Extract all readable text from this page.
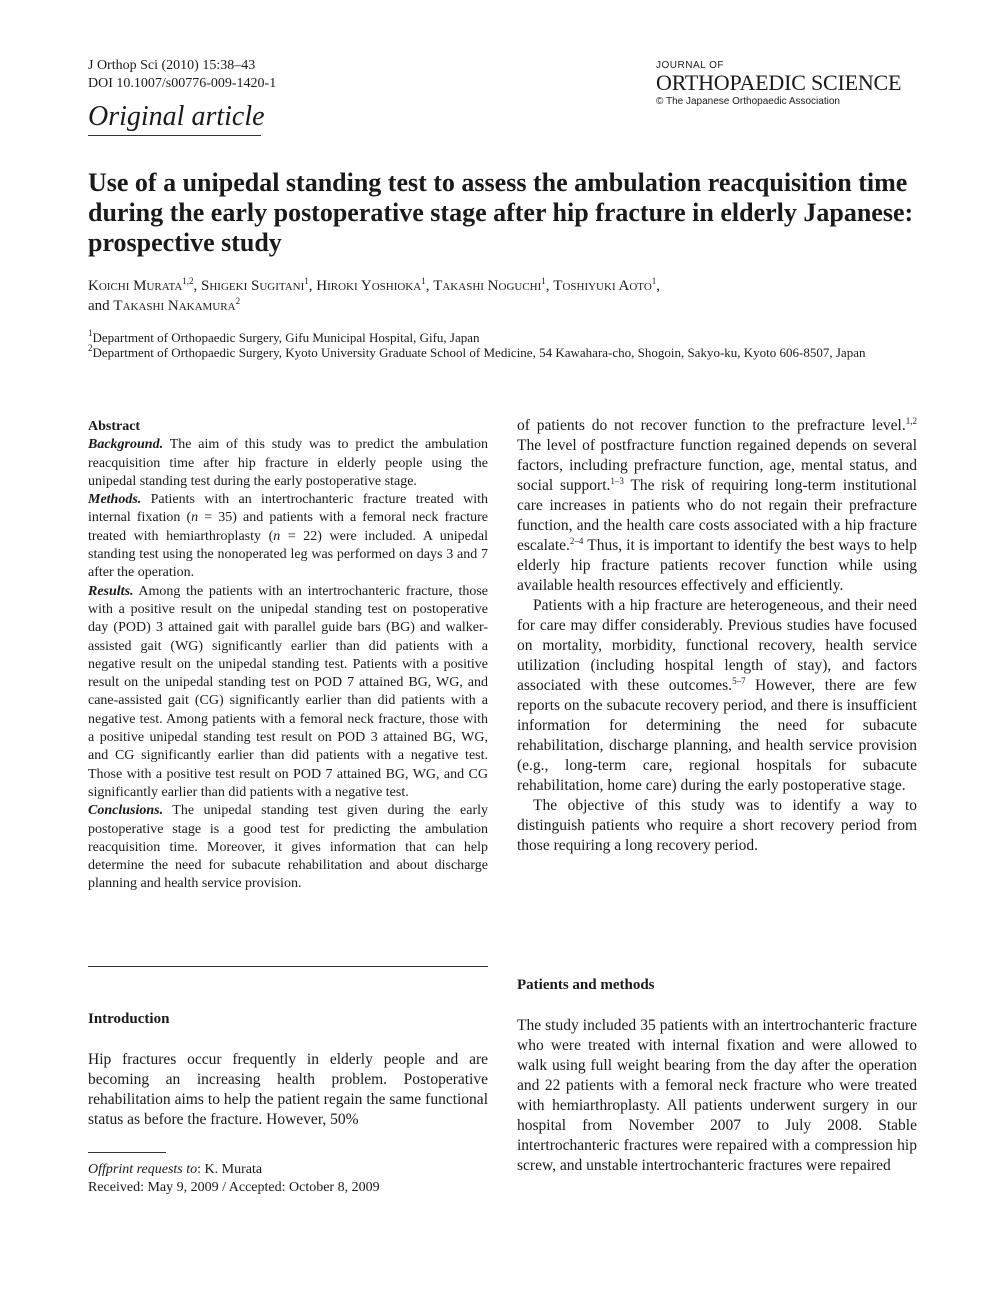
J Orthop Sci (2010) 15:38–43
DOI 10.1007/s00776-009-1420-1
Original article
JOURNAL OF
ORTHOPAEDIC SCIENCE
© The Japanese Orthopaedic Association
Use of a unipedal standing test to assess the ambulation reacquisition time during the early postoperative stage after hip fracture in elderly Japanese: prospective study
Koichi Murata$^{1,2}$, Shigeki Sugitani$^1$, Hiroki Yoshioka$^1$, Takashi Noguchi$^1$, Toshiyuki Aoto$^1$,
and Takashi Nakamura$^2$
$^1$Department of Orthopaedic Surgery, Gifu Municipal Hospital, Gifu, Japan
$^2$Department of Orthopaedic Surgery, Kyoto University Graduate School of Medicine, 54 Kawahara-cho, Shogoin, Sakyo-ku, Kyoto 606-8507, Japan

Abstract

Background. The aim of this study was to predict the ambulation reacquisition time after hip fracture in elderly people using the unipedal standing test during the early postoperative stage.

Methods. Patients with an intertrochanteric fracture treated with internal fixation (n = 35) and patients with a femoral neck fracture treated with hemiarthroplasty (n = 22) were included. A unipedal standing test using the nonoperated leg was performed on days 3 and 7 after the operation.

Results. Among the patients with an intertrochanteric fracture, those with a positive result on the unipedal standing test on postoperative day (POD) 3 attained gait with parallel guide bars (BG) and walker-assisted gait (WG) significantly earlier than did patients with a negative result on the unipedal standing test. Patients with a positive result on the unipedal standing test on POD 7 attained BG, WG, and cane-assisted gait (CG) significantly earlier than did patients with a negative test. Among patients with a femoral neck fracture, those with a positive unipedal standing test result on POD 3 attained BG, WG, and CG significantly earlier than did patients with a negative test. Those with a positive test result on POD 7 attained BG, WG, and CG significantly earlier than did patients with a negative test.

Conclusions. The unipedal standing test given during the early postoperative stage is a good test for predicting the ambulation reacquisition time. Moreover, it gives information that can help determine the need for subacute rehabilitation and about discharge planning and health service provision.

Introduction
Hip fractures occur frequently in elderly people and are becoming an increasing health problem. Postoperative rehabilitation aims to help the patient regain the same functional status as before the fracture. However, 50%
Offprint requests to: K. Murata
Received: May 9, 2009 / Accepted: October 8, 2009

of patients do not recover function to the prefracture level.$^{1,2}$ The level of postfracture function regained depends on several factors, including prefracture function, age, mental status, and social support.$^{1-3}$ The risk of requiring long-term institutional care increases in patients who do not regain their prefracture function, and the health care costs associated with a hip fracture escalate.$^{2-4}$ Thus, it is important to identify the best ways to help elderly hip fracture patients recover function while using available health resources effectively and efficiently.

Patients with a hip fracture are heterogeneous, and their need for care may differ considerably. Previous studies have focused on mortality, morbidity, functional recovery, health service utilization (including hospital length of stay), and factors associated with these outcomes.$^{5-7}$ However, there are few reports on the subacute recovery period, and there is insufficient information for determining the need for subacute rehabilitation, discharge planning, and health service provision (e.g., long-term care, regional hospitals for subacute rehabilitation, home care) during the early postoperative stage.

The objective of this study was to identify a way to distinguish patients who require a short recovery period from those requiring a long recovery period.

Patients and methods
The study included 35 patients with an intertrochanteric fracture who were treated with internal fixation and were allowed to walk using full weight bearing from the day after the operation and 22 patients with a femoral neck fracture who were treated with hemiarthroplasty. All patients underwent surgery in our hospital from November 2007 to July 2008. Stable intertrochanteric fractures were repaired with a compression hip screw, and unstable intertrochanteric fractures were repaired
